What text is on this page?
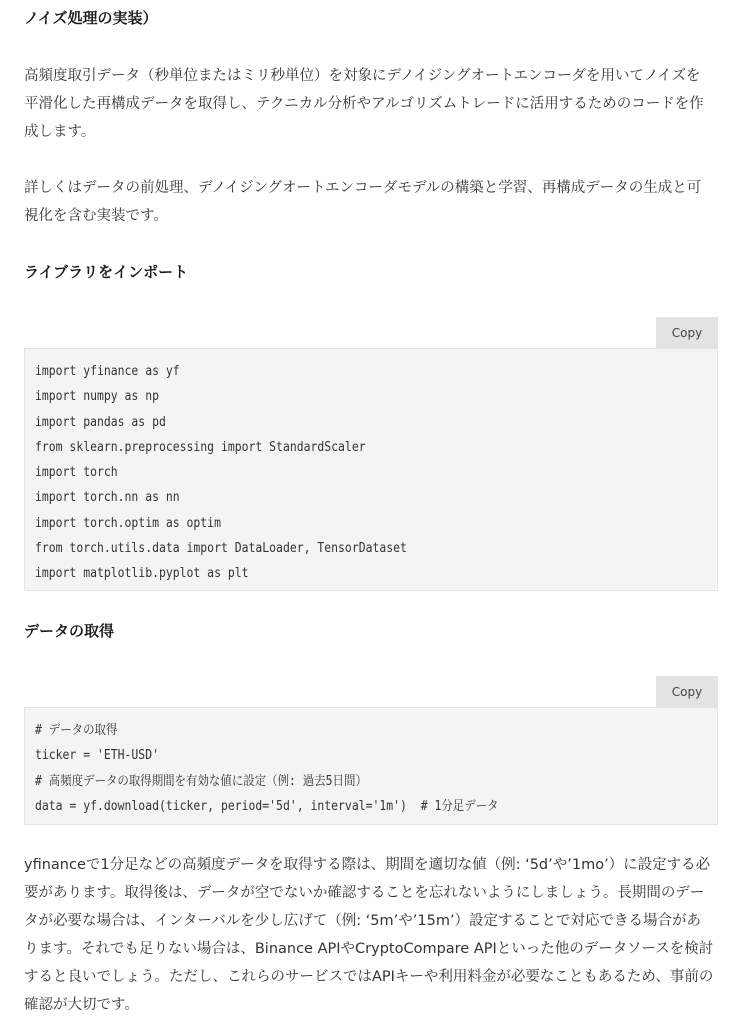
ノイズ処理の実装）

高頻度取引データ（秒単位またはミリ秒単位）を対象にデノイジングオートエンコーダを用いてノイズを平滑化した再構成データを取得し、テクニカル分析やアルゴリズムトレードに活用するためのコードを作成します。

詳しくはデータの前処理、デノイジングオートエンコーダモデルの構築と学習、再構成データの生成と可視化を含む実装です。

ライブラリをインポート
Copy
import yfinance as yf
import numpy as np
import pandas as pd
from sklearn.preprocessing import StandardScaler
import torch
import torch.nn as nn
import torch.optim as optim
from torch.utils.data import DataLoader, TensorDataset
import matplotlib.pyplot as plt
データの取得
Copy
# データの取得
ticker = 'ETH-USD'
# 高頻度データの取得期間を有効な値に設定（例: 過去5日間）
data = yf.download(ticker, period='5d', interval='1m')  # 1分足データ

yfinanceで1分足などの高頻度データを取得する際は、期間を適切な値（例: ‘5d’や’1mo’）に設定する必要があります。取得後は、データが空でないか確認することを忘れないようにしましょう。長期間のデータが必要な場合は、インターバルを少し広げて（例: ‘5m’や’15m’）設定することで対応できる場合があります。それでも足りない場合は、Binance APIやCryptoCompare APIといった他のデータソースを検討すると良いでしょう。ただし、これらのサービスではAPIキーや利用料金が必要なこともあるため、事前の確認が大切です。
